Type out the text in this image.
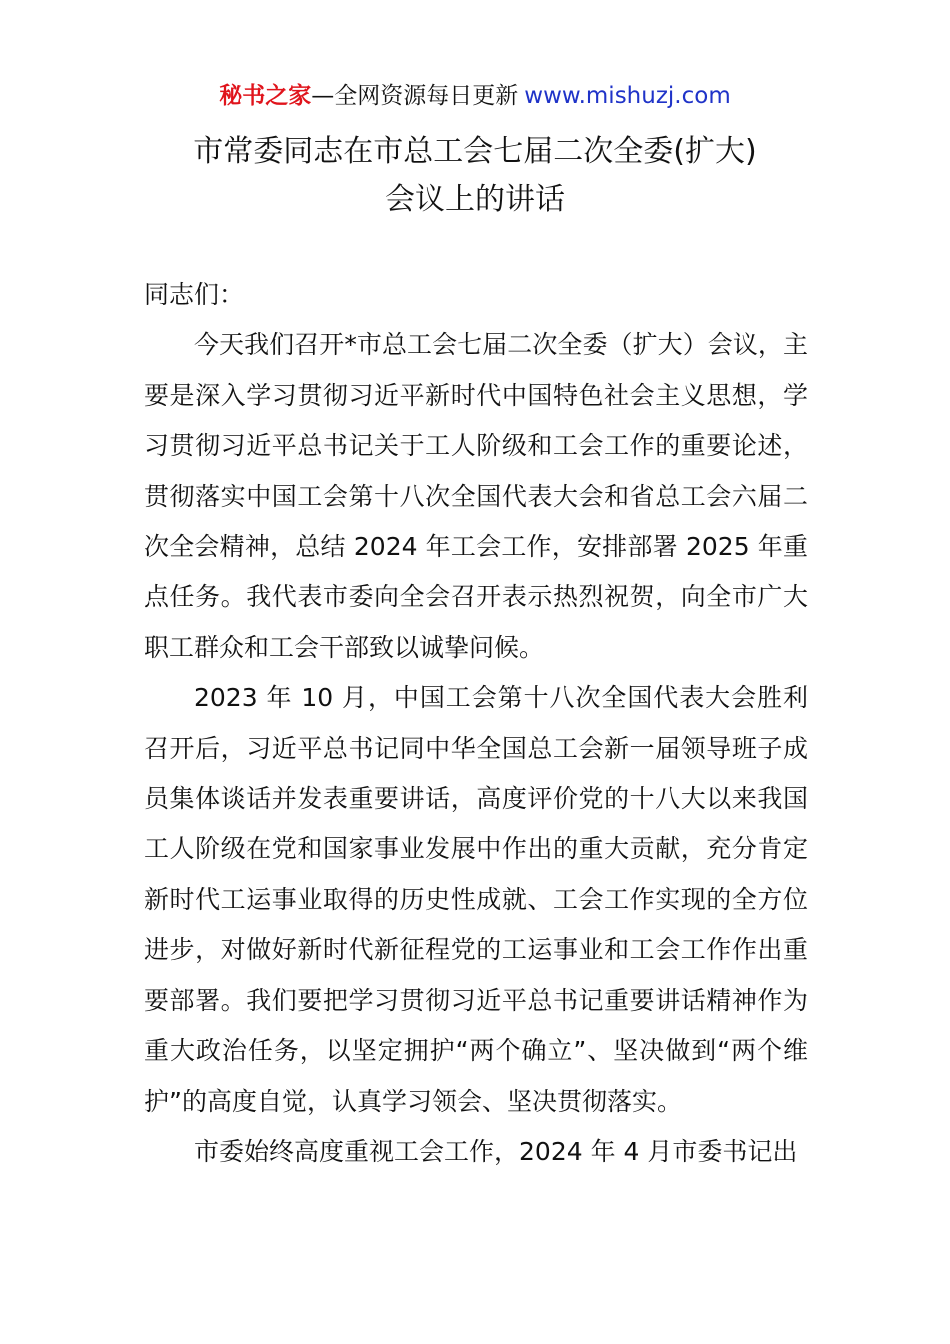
秘书之家—全网资源每日更新 www.mishuzj.com
市常委同志在市总工会七届二次全委(扩大)
会议上的讲话

同志们：

今天我们召开*市总工会七届二次全委（扩大）会议，主要是深入学习贯彻习近平新时代中国特色社会主义思想，学习贯彻习近平总书记关于工人阶级和工会工作的重要论述，贯彻落实中国工会第十八次全国代表大会和省总工会六届二次全会精神，总结 2024 年工会工作，安排部署 2025 年重点任务。我代表市委向全会召开表示热烈祝贺，向全市广大职工群众和工会干部致以诚挚问候。

2023 年 10 月，中国工会第十八次全国代表大会胜利召开后，习近平总书记同中华全国总工会新一届领导班子成员集体谈话并发表重要讲话，高度评价党的十八大以来我国工人阶级在党和国家事业发展中作出的重大贡献，充分肯定新时代工运事业取得的历史性成就、工会工作实现的全方位进步，对做好新时代新征程党的工运事业和工会工作作出重要部署。我们要把学习贯彻习近平总书记重要讲话精神作为重大政治任务，以坚定拥护“两个确立”、坚决做到“两个维护”的高度自觉，认真学习领会、坚决贯彻落实。

市委始终高度重视工会工作，2024 年 4 月市委书记出
